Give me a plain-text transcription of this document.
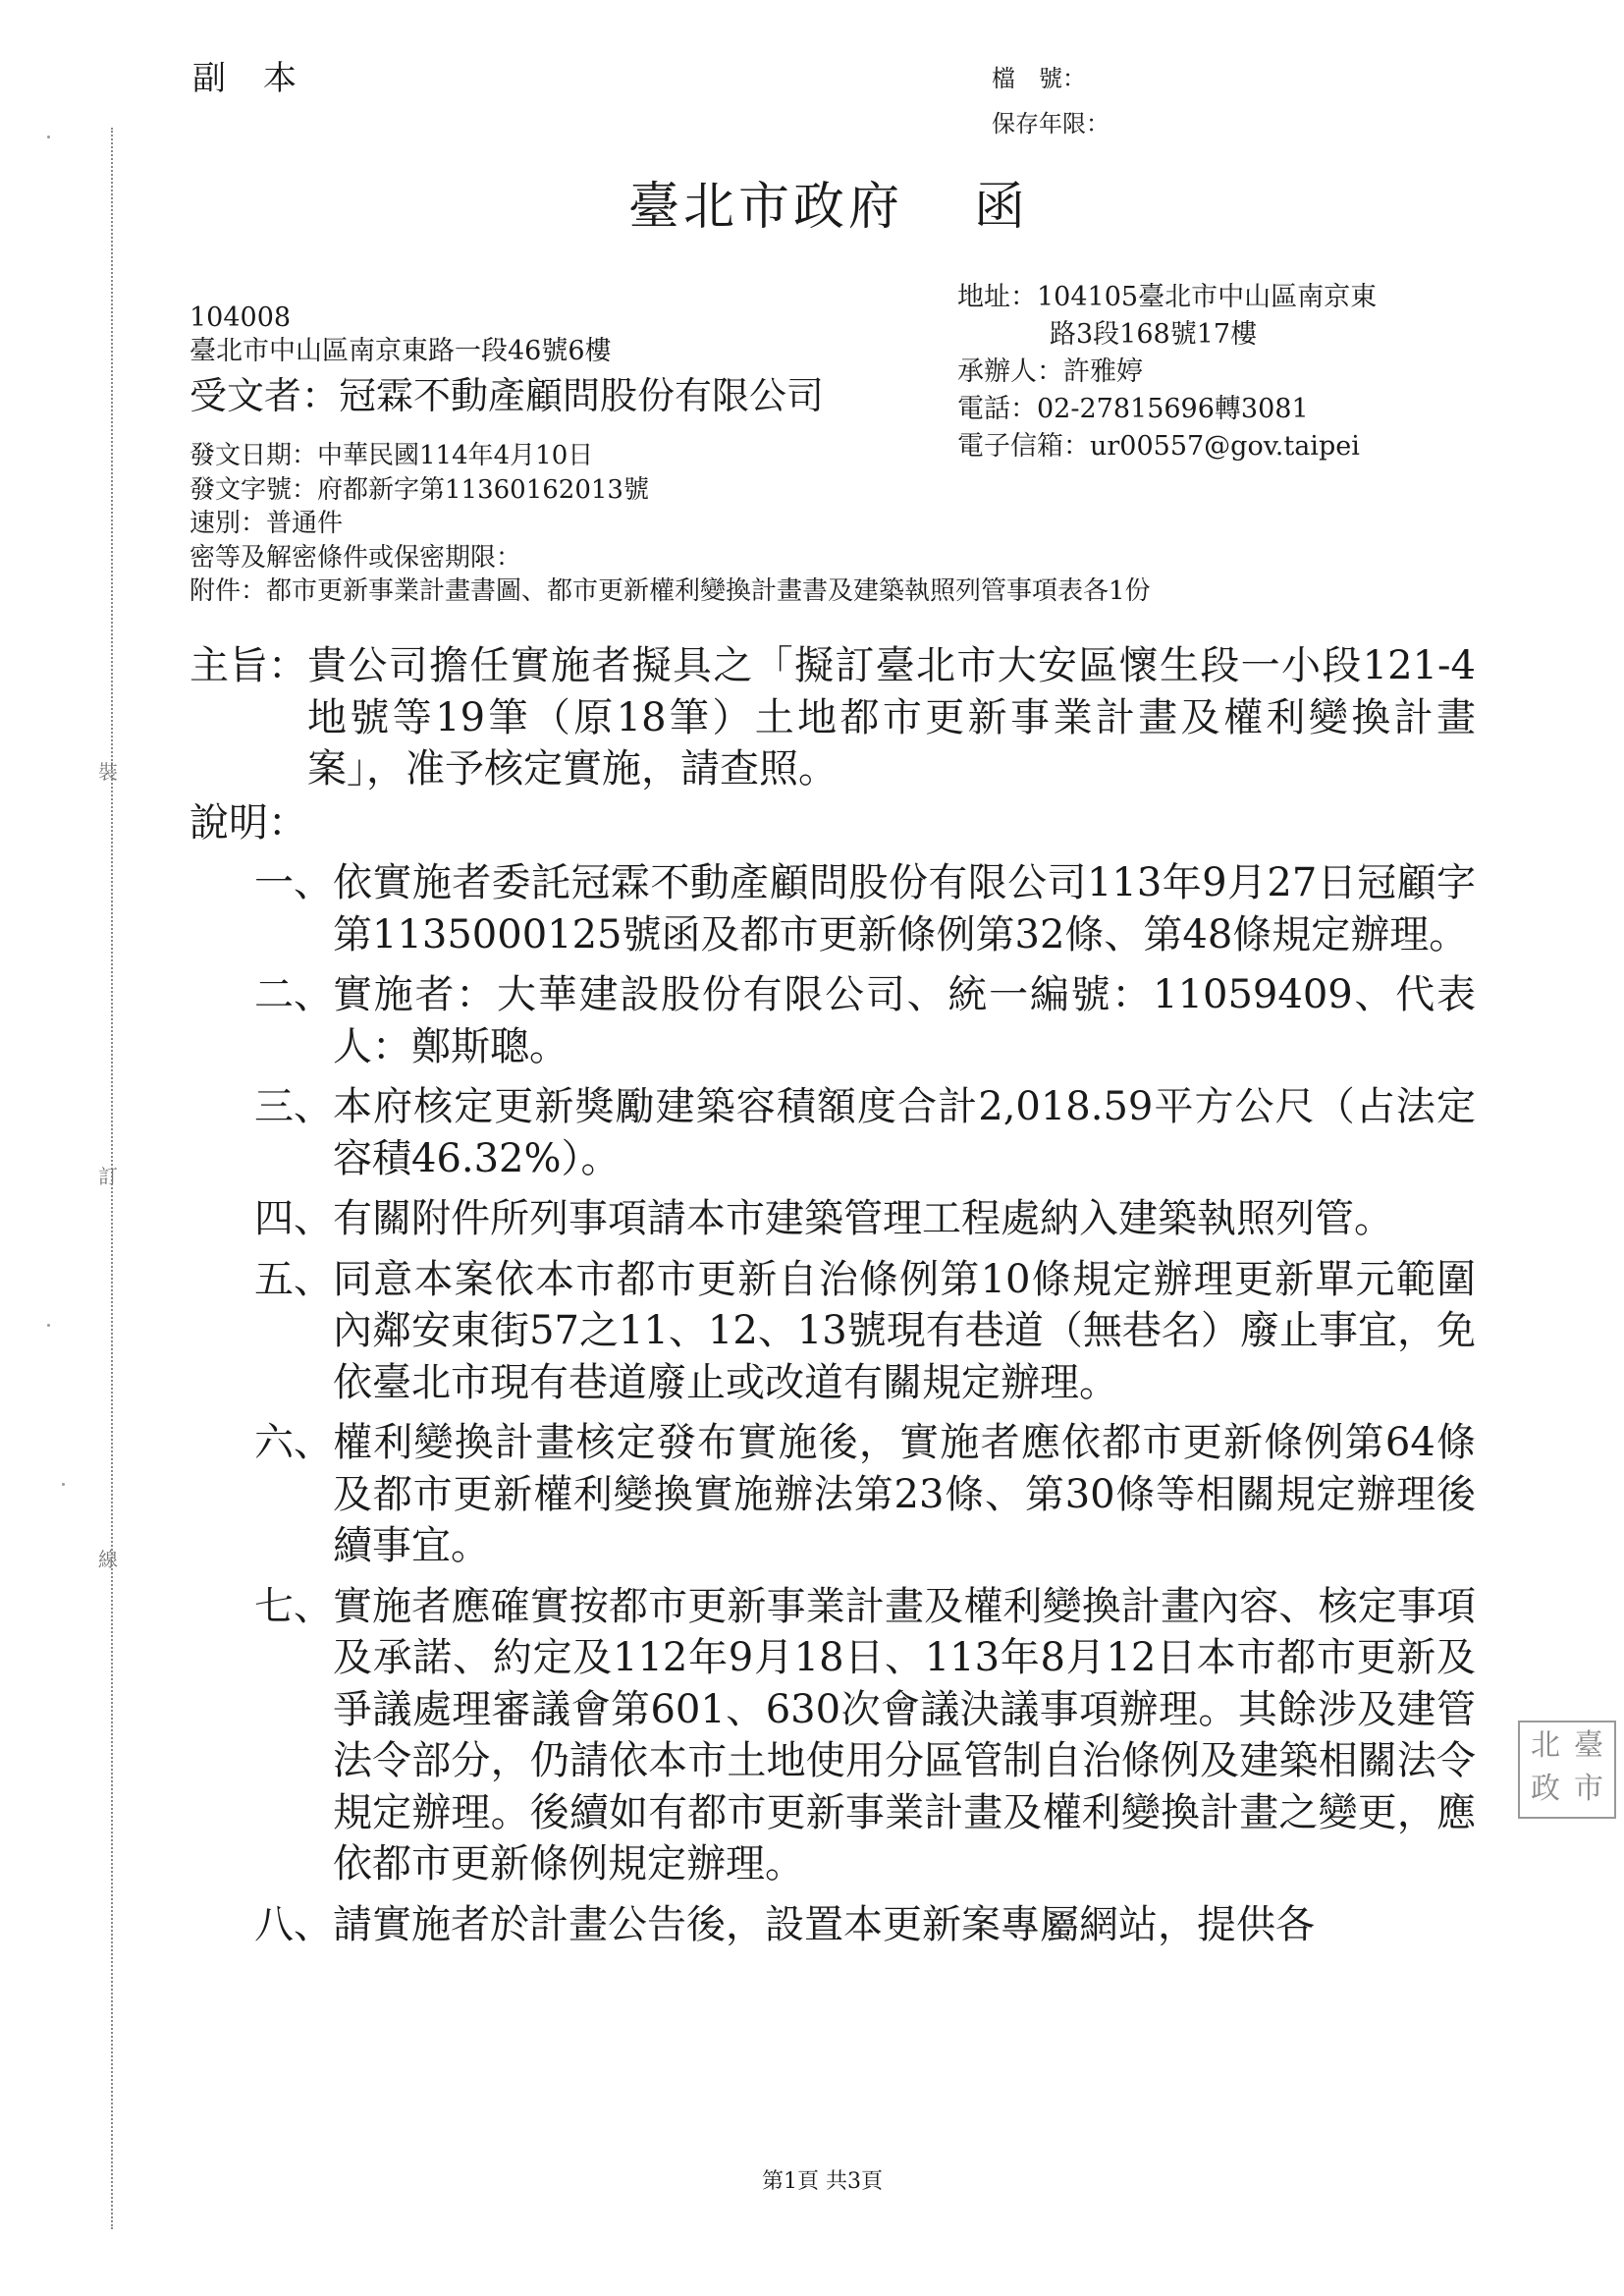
副本	檔　號：
保存年限：
裝
訂
線
臺北市政府 函
地址：104105臺北市中山區南京東
路3段168號17樓
承辦人：許雅婷
電話：02-27815696轉3081
電子信箱：ur00557@gov.taipei
104008
臺北市中山區南京東路一段46號6樓
受文者：冠霖不動產顧問股份有限公司
發文日期：中華民國114年4月10日
發文字號：府都新字第11360162013號
速別：普通件
密等及解密條件或保密期限：
附件：都市更新事業計畫書圖、都市更新權利變換計畫書及建築執照列管事項表各1份
主旨： 貴公司擔任實施者擬具之「擬訂臺北市大安區懷生段一小段121-4地號等19筆（原18筆）土地都市更新事業計畫及權利變換計畫案」，准予核定實施，請查照。
說明：
一、 依實施者委託冠霖不動產顧問股份有限公司113年9月27日冠顧字第1135000125號函及都市更新條例第32條、第48條規定辦理。
二、 實施者：大華建設股份有限公司、統一編號：11059409、代表人：鄭斯聰。
三、 本府核定更新獎勵建築容積額度合計2,018.59平方公尺（占法定容積46.32%）。
四、 有關附件所列事項請本市建築管理工程處納入建築執照列管。
五、 同意本案依本市都市更新自治條例第10條規定辦理更新單元範圍內鄰安東街57之11、12、13號現有巷道（無巷名）廢止事宜，免依臺北市現有巷道廢止或改道有關規定辦理。
六、 權利變換計畫核定發布實施後，實施者應依都市更新條例第64條及都市更新權利變換實施辦法第23條、第30條等相關規定辦理後續事宜。
七、 實施者應確實按都市更新事業計畫及權利變換計畫內容、核定事項及承諾、約定及112年9月18日、113年8月12日本市都市更新及爭議處理審議會第601、630次會議決議事項辦理。其餘涉及建管法令部分，仍請依本市土地使用分區管制自治條例及建築相關法令規定辦理。後續如有都市更新事業計畫及權利變換計畫之變更，應依都市更新條例規定辦理。
八、 請實施者於計畫公告後，設置本更新案專屬網站，提供各
北 臺
政 市
第1頁 共3頁
